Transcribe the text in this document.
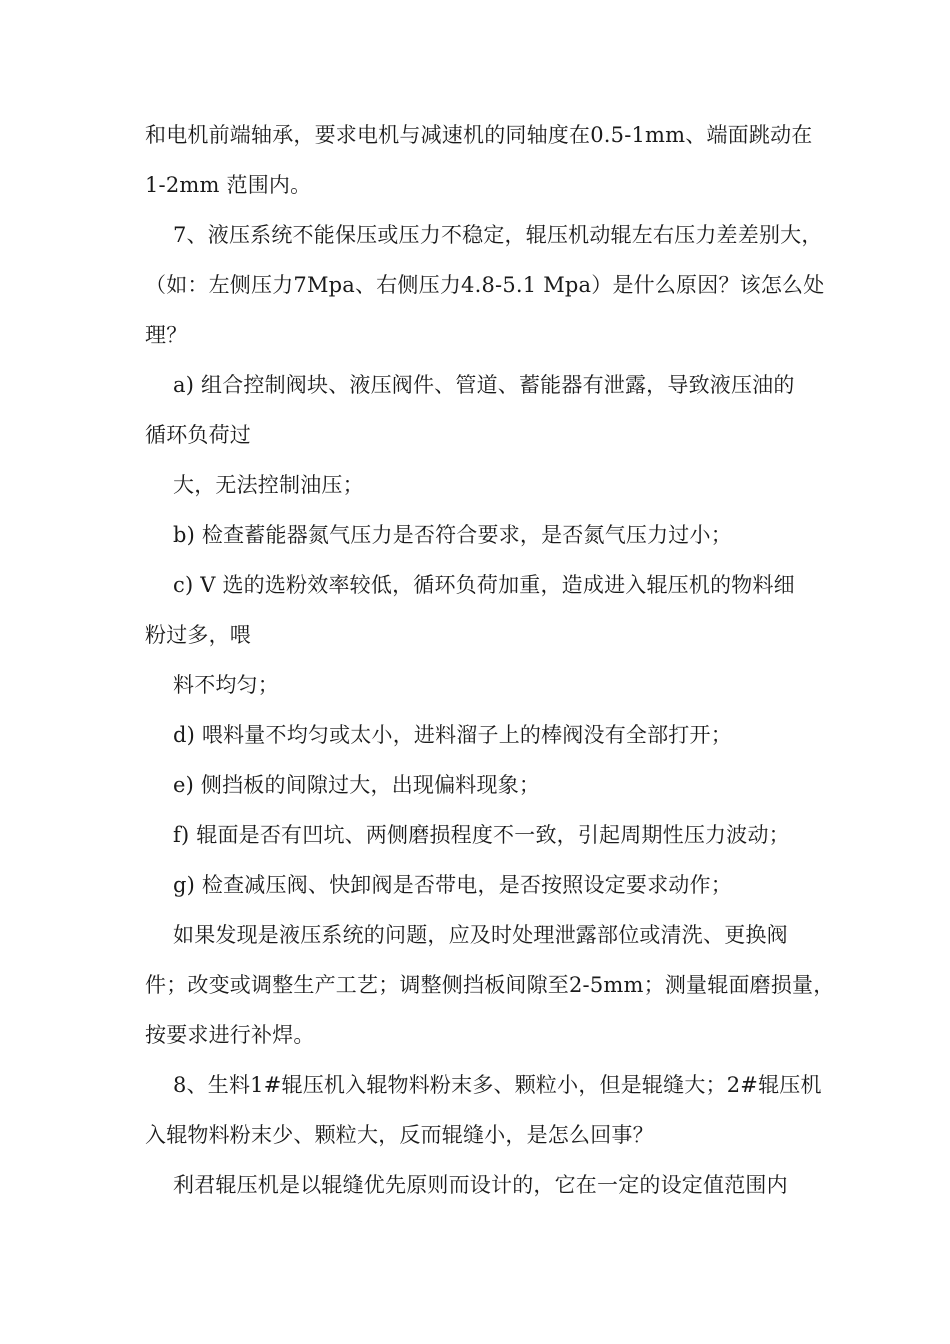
和电机前端轴承，要求电机与减速机的同轴度在0.5-1mm、端面跳动在
1-2mm 范围内。
7、液压系统不能保压或压力不稳定，辊压机动辊左右压力差差别大，
（如：左侧压力7Mpa、右侧压力4.8-5.1 Mpa）是什么原因？该怎么处
理？
a) 组合控制阀块、液压阀件、管道、蓄能器有泄露，导致液压油的
循环负荷过
大，无法控制油压；
b) 检查蓄能器氮气压力是否符合要求，是否氮气压力过小；
c) V 选的选粉效率较低，循环负荷加重，造成进入辊压机的物料细
粉过多，喂
料不均匀；
d) 喂料量不均匀或太小，进料溜子上的棒阀没有全部打开；
e) 侧挡板的间隙过大，出现偏料现象；
f) 辊面是否有凹坑、两侧磨损程度不一致，引起周期性压力波动；
g) 检查减压阀、快卸阀是否带电，是否按照设定要求动作；
如果发现是液压系统的问题，应及时处理泄露部位或清洗、更换阀
件；改变或调整生产工艺；调整侧挡板间隙至2-5mm；测量辊面磨损量，
按要求进行补焊。
8、生料1#辊压机入辊物料粉末多、颗粒小，但是辊缝大；2#辊压机
入辊物料粉末少、颗粒大，反而辊缝小，是怎么回事？
利君辊压机是以辊缝优先原则而设计的，它在一定的设定值范围内
